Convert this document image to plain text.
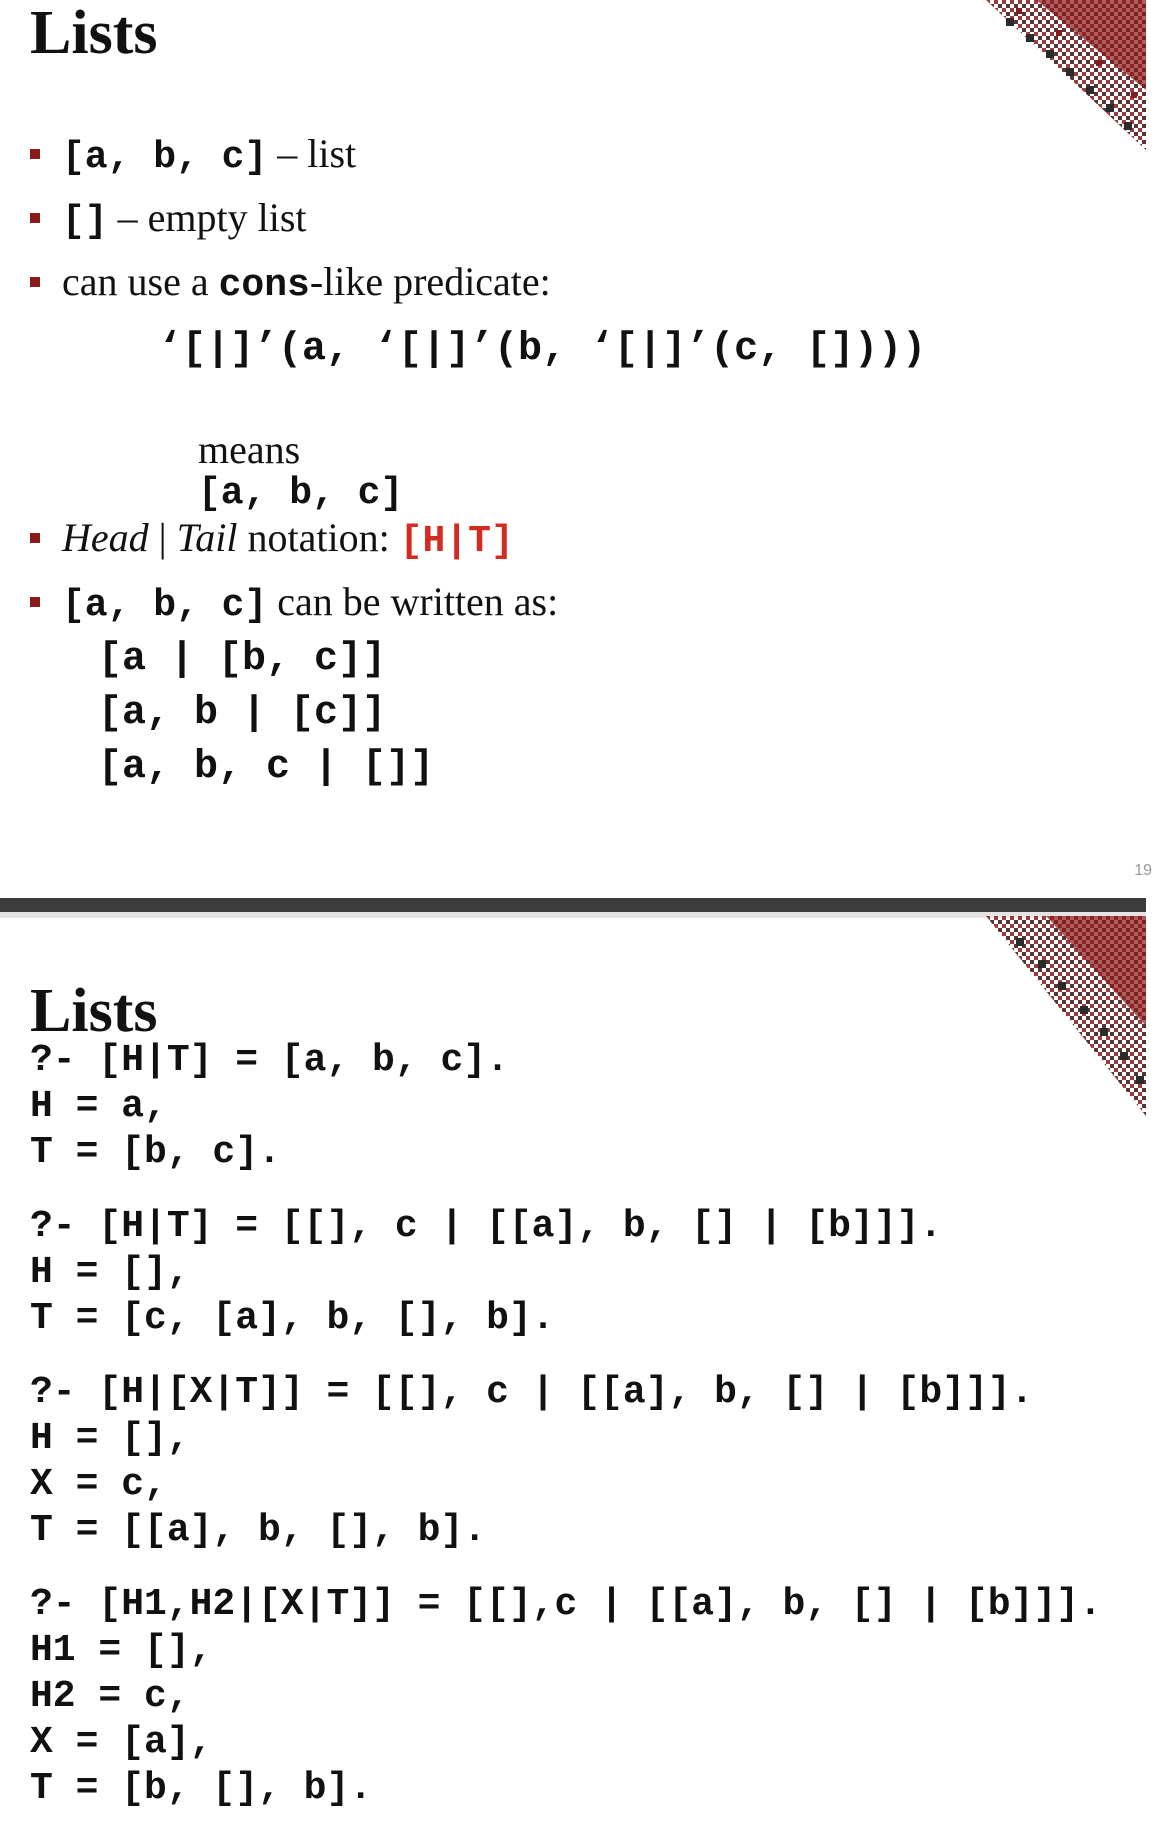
Lists
[a, b, c] – list
[] – empty list
can use a cons-like predicate:
‘[|]’(a, ‘[|]’(b, ‘[|]’(c, [])))

means
[a, b, c]

Head | Tail notation: [H|T]
[a, b, c] can be written as:
[a | [b, c]]
[a, b | [c]]
[a, b, c | []]
19
Lists
?- [H|T] = [a, b, c].
H = a,
T = [b, c].
?- [H|T] = [[], c | [[a], b, [] | [b]]].
H = [],
T = [c, [a], b, [], b].
?- [H|[X|T]] = [[], c | [[a], b, [] | [b]]].
H = [],
X = c,
T = [[a], b, [], b].
?- [H1,H2|[X|T]] = [[],c | [[a], b, [] | [b]]].
H1 = [],
H2 = c,
X = [a],
T = [b, [], b].
